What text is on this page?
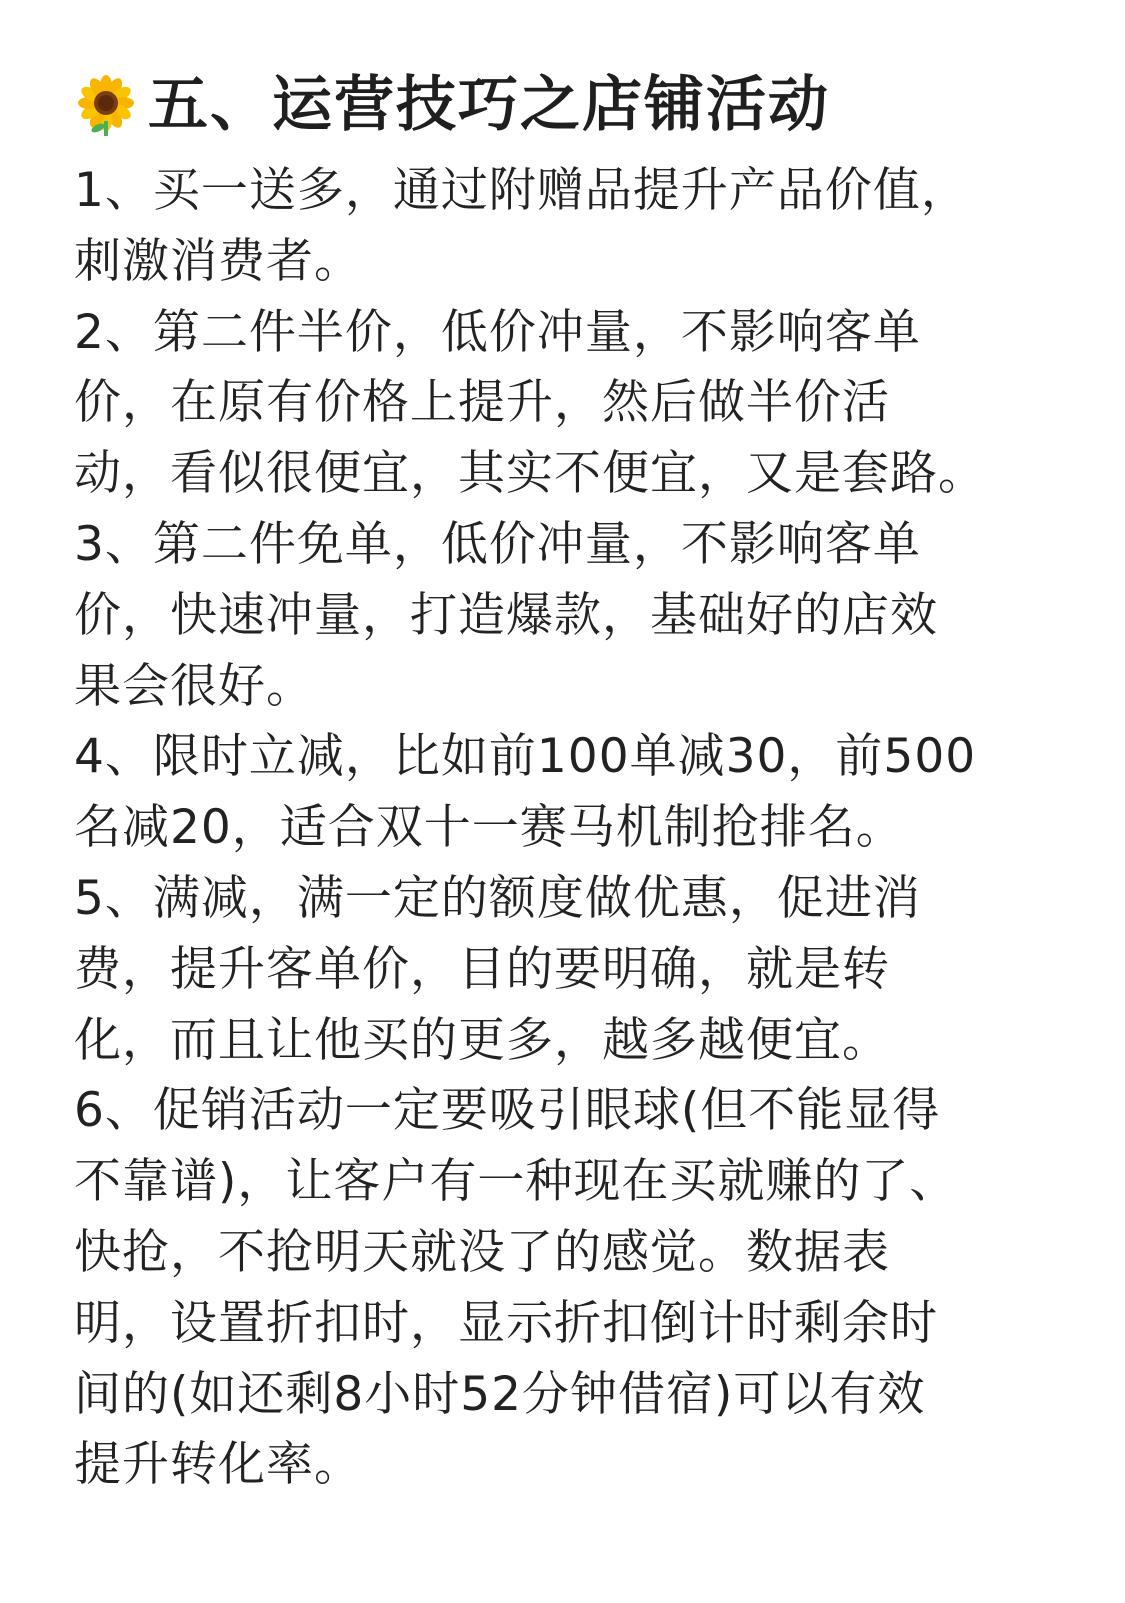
五、运营技巧之店铺活动
1、买一送多，通过附赠品提升产品价值，
刺激消费者。
2、第二件半价，低价冲量，不影响客单
价，在原有价格上提升，然后做半价活
动，看似很便宜，其实不便宜，又是套路。
3、第二件免单，低价冲量，不影响客单
价，快速冲量，打造爆款，基础好的店效
果会很好。
4、限时立减，比如前100单减30，前500
名减20，适合双十一赛马机制抢排名。
5、满减，满一定的额度做优惠，促进消
费，提升客单价，目的要明确，就是转
化，而且让他买的更多，越多越便宜。
6、促销活动一定要吸引眼球(但不能显得
不靠谱)，让客户有一种现在买就赚的了、
快抢，不抢明天就没了的感觉。数据表
明，设置折扣时，显示折扣倒计时剩余时
间的(如还剩8小时52分钟借宿)可以有效
提升转化率。
